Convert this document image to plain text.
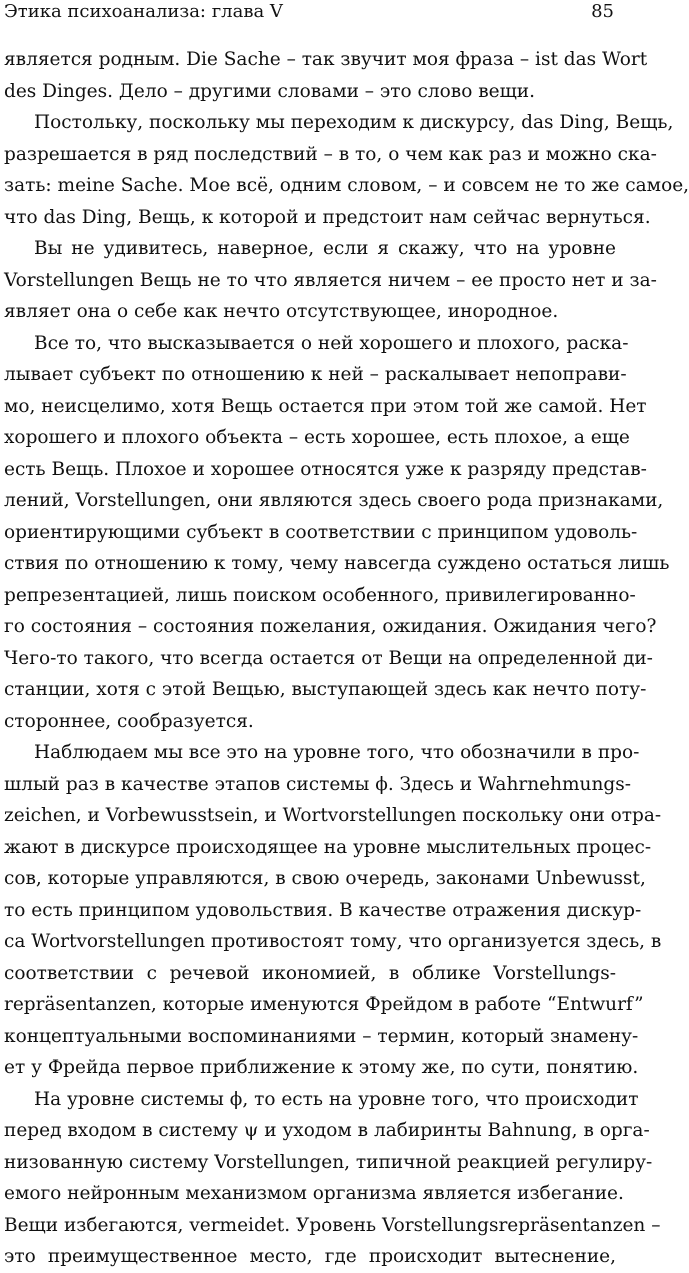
Этика психоанализа: глава V	85
является родным. Die Sache – так звучит моя фраза – ist das Wort
des Dinges. Дело – другими словами – это слово вещи.
Постольку, поскольку мы переходим к дискурсу, das Ding, Вещь,
разрешается в ряд последствий – в то, о чем как раз и можно ска-
зать: meine Sache. Мое всё, одним словом, – и совсем не то же самое,
что das Ding, Вещь, к которой и предстоит нам сейчас вернуться.
Вы не удивитесь, наверное, если я скажу, что на уровне
Vorstellungen Вещь не то что является ничем – ее просто нет и за-
являет она о себе как нечто отсутствующее, инородное.
Все то, что высказывается о ней хорошего и плохого, раска-
лывает субъект по отношению к ней – раскалывает непоправи-
мо, неисцелимо, хотя Вещь остается при этом той же самой. Нет
хорошего и плохого объекта – есть хорошее, есть плохое, а еще
есть Вещь. Плохое и хорошее относятся уже к разряду представ-
лений, Vorstellungen, они являются здесь своего рода признаками,
ориентирующими субъект в соответствии с принципом удоволь-
ствия по отношению к тому, чему навсегда суждено остаться лишь
репрезентацией, лишь поиском особенного, привилегированно-
го состояния – состояния пожелания, ожидания. Ожидания чего?
Чего-то такого, что всегда остается от Вещи на определенной ди-
станции, хотя с этой Вещью, выступающей здесь как нечто поту-
стороннее, сообразуется.
Наблюдаем мы все это на уровне того, что обозначили в про-
шлый раз в качестве этапов системы ϕ. Здесь и Wahrnehmungs-
zeichen, и Vorbewusstsein, и Wortvorstellungen поскольку они отра-
жают в дискурсе происходящее на уровне мыслительных процес-
сов, которые управляются, в свою очередь, законами Unbewusst,
то есть принципом удовольствия. В качестве отражения дискур-
са Wortvorstellungen противостоят тому, что организуется здесь, в
соответствии с речевой икономией, в облике Vorstellungs-
repräsentanzen, которые именуются Фрейдом в работе “Entwurf”
концептуальными воспоминаниями – термин, который знамену-
ет у Фрейда первое приближение к этому же, по сути, понятию.
На уровне системы ϕ, то есть на уровне того, что происходит
перед входом в систему ψ и уходом в лабиринты Bahnung, в орга-
низованную систему Vorstellungen, типичной реакцией регулиру-
емого нейронным механизмом организма является избегание.
Вещи избегаются, vermeidet. Уровень Vorstellungsrepräsentanzen –
это преимущественное место, где происходит вытеснение,
